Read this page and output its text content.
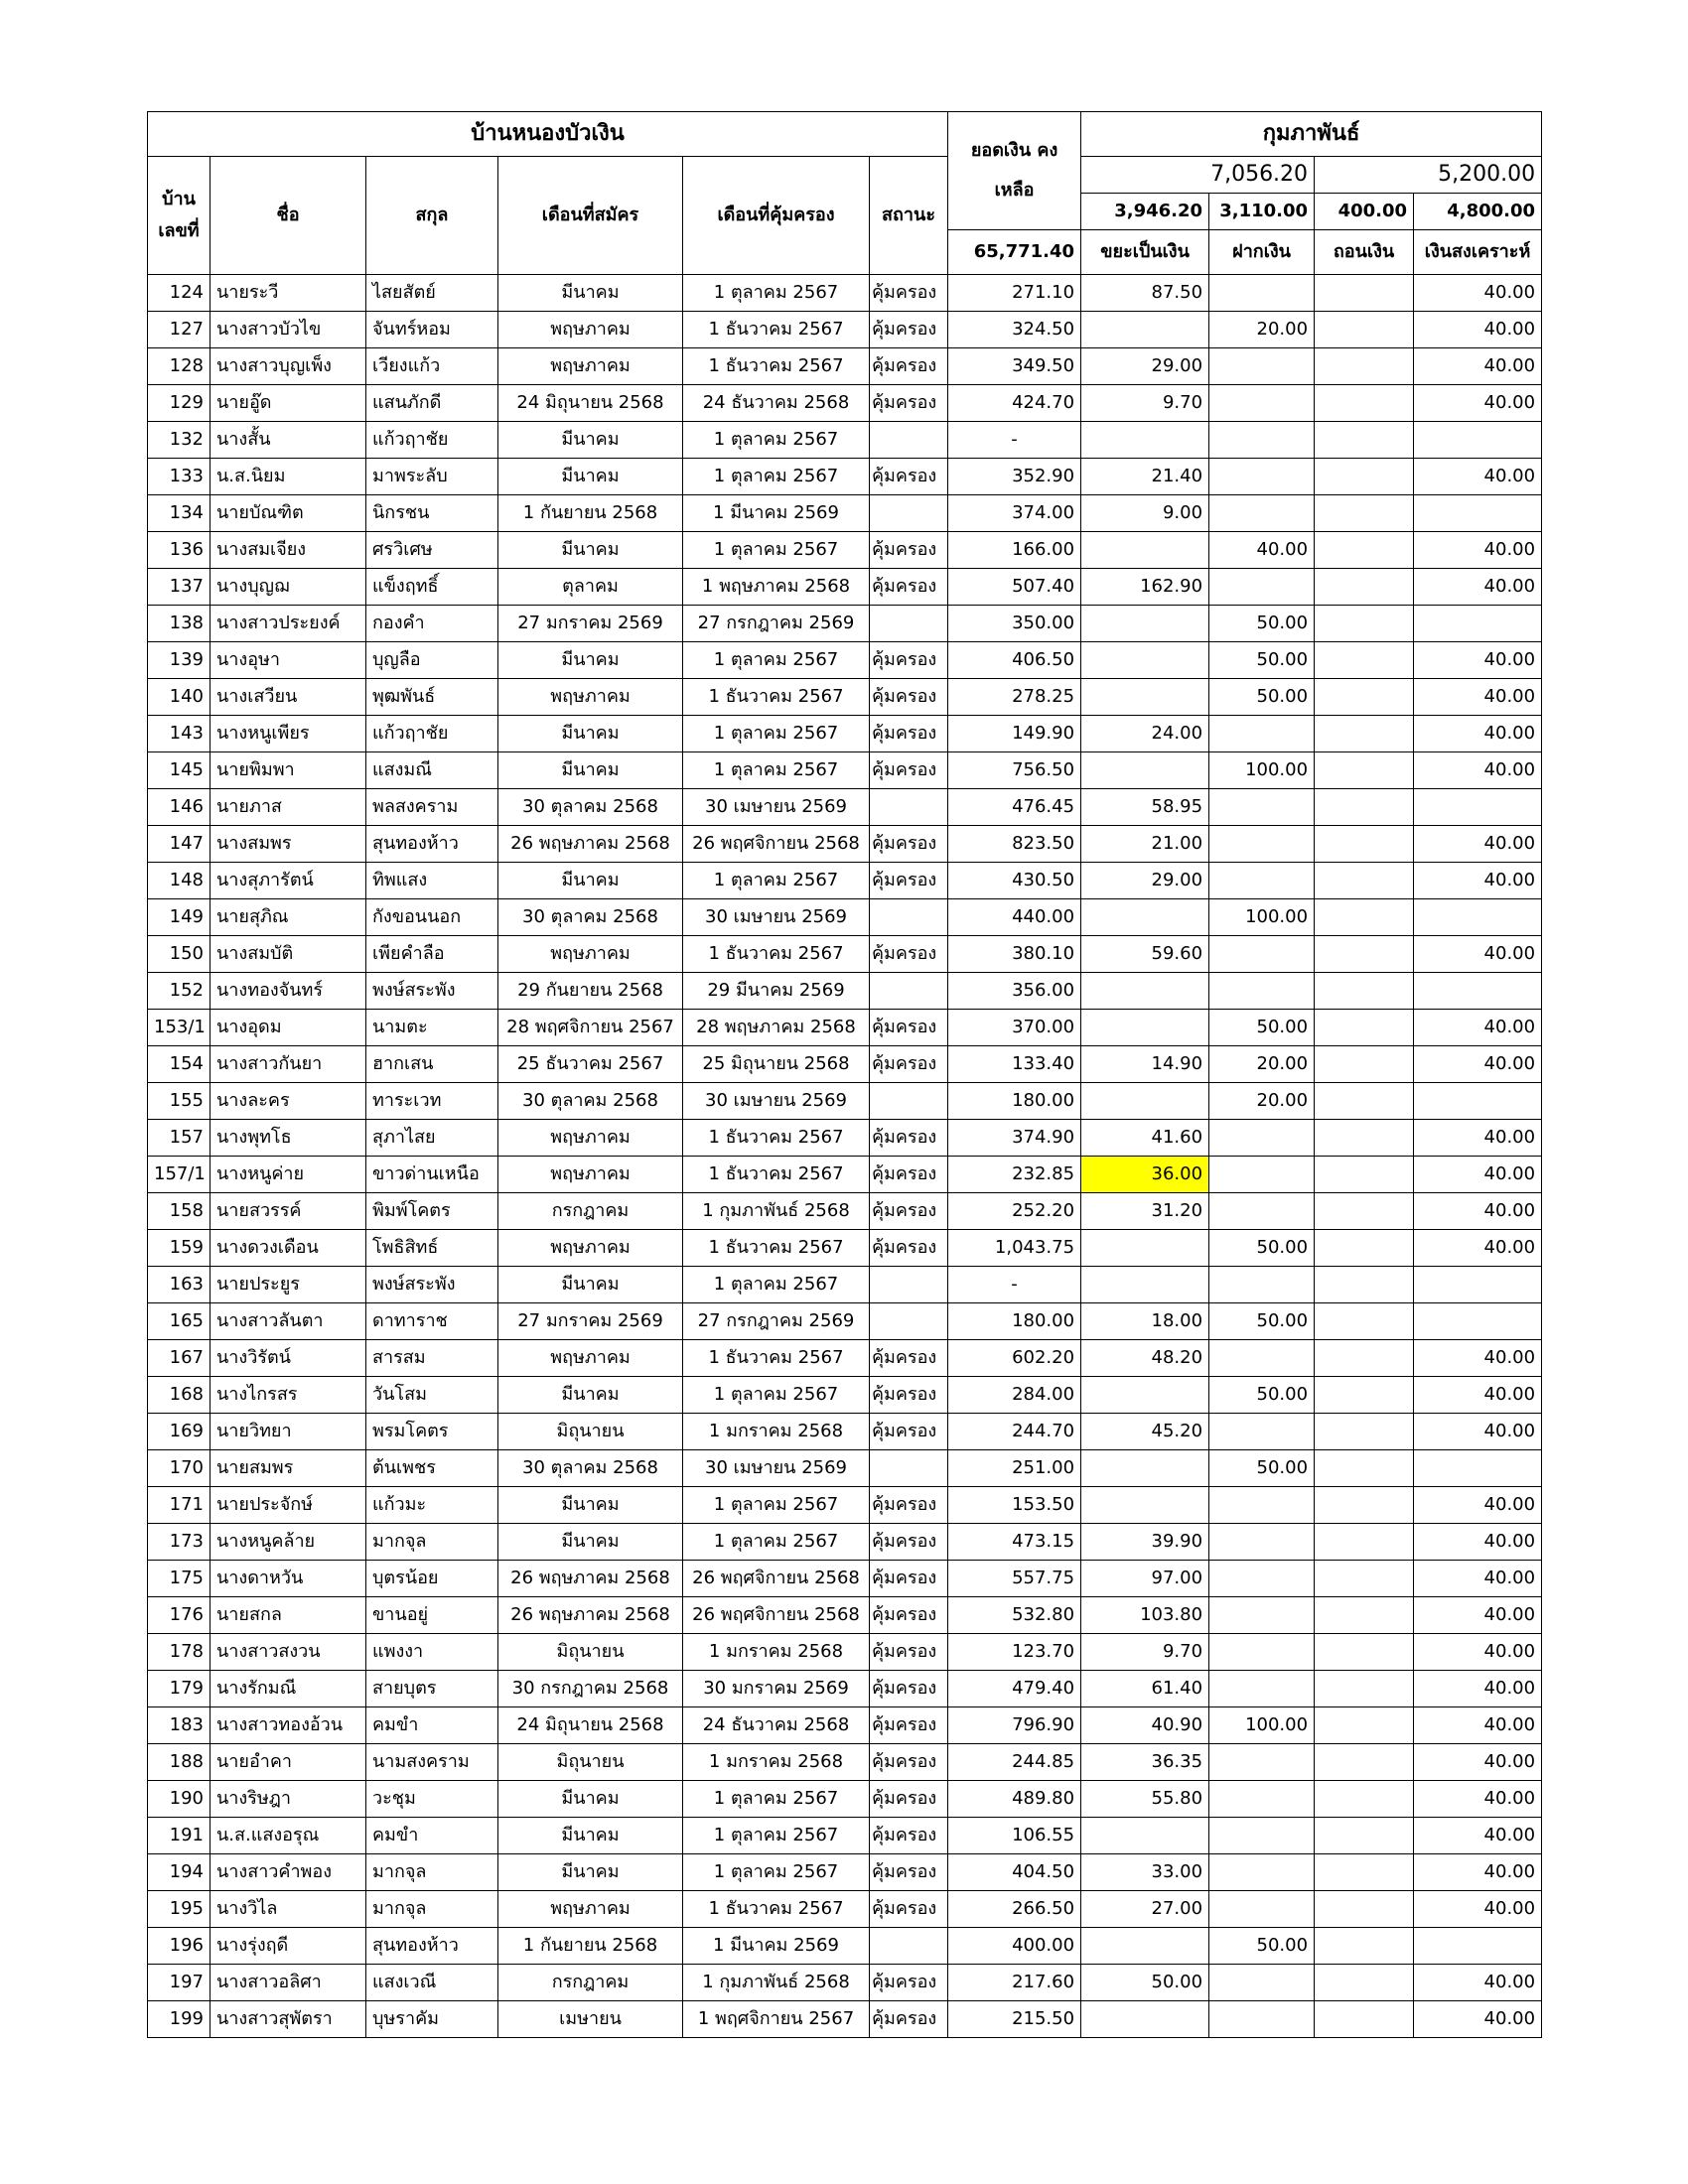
บ้านหนองบัวเงิน						ยอดเงิน คงเหลือ	กุมภาพันธ์			
บ้าน เลขที่	ชื่อ	สกุล	เดือนที่สมัคร	เดือนที่คุ้มครอง	สถานะ		7,056.20		5,200.00	
							3,946.20	3,110.00	400.00	4,800.00
						65,771.40	ขยะเป็นเงิน	ฝากเงิน	ถอนเงิน	เงินสงเคราะห์
124	นายระวี	ไสยสัตย์	มีนาคม	1 ตุลาคม 2567	คุ้มครอง	271.10	87.50			40.00
127	นางสาวบัวไข	จันทร์หอม	พฤษภาคม	1 ธันวาคม 2567	คุ้มครอง	324.50		20.00		40.00
128	นางสาวบุญเพ็ง	เวียงแก้ว	พฤษภาคม	1 ธันวาคม 2567	คุ้มครอง	349.50	29.00			40.00
129	นายอู๊ด	แสนภักดี	24 มิถุนายน 2568	24 ธันวาคม 2568	คุ้มครอง	424.70	9.70			40.00
132	นางสั้น	แก้วฤาชัย	มีนาคม	1 ตุลาคม 2567		-				
133	น.ส.นิยม	มาพระลับ	มีนาคม	1 ตุลาคม 2567	คุ้มครอง	352.90	21.40			40.00
134	นายบัณฑิต	นิกรชน	1 กันยายน 2568	1 มีนาคม 2569		374.00	9.00			
136	นางสมเจียง	ศรวิเศษ	มีนาคม	1 ตุลาคม 2567	คุ้มครอง	166.00		40.00		40.00
137	นางบุญฌ	แข็งฤทธิ์	ตุลาคม	1 พฤษภาคม 2568	คุ้มครอง	507.40	162.90			40.00
138	นางสาวประยงค์	กองคำ	27 มกราคม 2569	27 กรกฎาคม 2569		350.00		50.00		
139	นางอุษา	บุญลือ	มีนาคม	1 ตุลาคม 2567	คุ้มครอง	406.50		50.00		40.00
140	นางเสวียน	พุฒพันธ์	พฤษภาคม	1 ธันวาคม 2567	คุ้มครอง	278.25		50.00		40.00
143	นางหนูเพียร	แก้วฤาชัย	มีนาคม	1 ตุลาคม 2567	คุ้มครอง	149.90	24.00			40.00
145	นายพิมพา	แสงมณี	มีนาคม	1 ตุลาคม 2567	คุ้มครอง	756.50		100.00		40.00
146	นายภาส	พลสงคราม	30 ตุลาคม 2568	30 เมษายน 2569		476.45	58.95			
147	นางสมพร	สุนทองห้าว	26 พฤษภาคม 2568	26 พฤศจิกายน 2568	คุ้มครอง	823.50	21.00			40.00
148	นางสุภารัตน์	ทิพแสง	มีนาคม	1 ตุลาคม 2567	คุ้มครอง	430.50	29.00			40.00
149	นายสุภิณ	กังขอนนอก	30 ตุลาคม 2568	30 เมษายน 2569		440.00		100.00		
150	นางสมบัติ	เพียคำลือ	พฤษภาคม	1 ธันวาคม 2567	คุ้มครอง	380.10	59.60			40.00
152	นางทองจันทร์	พงษ์สระพัง	29 กันยายน 2568	29 มีนาคม 2569		356.00				
153/1	นางอุดม	นามตะ	28 พฤศจิกายน 2567	28 พฤษภาคม 2568	คุ้มครอง	370.00		50.00		40.00
154	นางสาวกันยา	ฮากเสน	25 ธันวาคม 2567	25 มิถุนายน 2568	คุ้มครอง	133.40	14.90	20.00		40.00
155	นางละคร	ทาระเวท	30 ตุลาคม 2568	30 เมษายน 2569		180.00		20.00		
157	นางพุทโธ	สุภาไสย	พฤษภาคม	1 ธันวาคม 2567	คุ้มครอง	374.90	41.60			40.00
157/1	นางหนูค่าย	ขาวด่านเหนือ	พฤษภาคม	1 ธันวาคม 2567	คุ้มครอง	232.85	36.00			40.00
158	นายสวรรค์	พิมพ์โคตร	กรกฎาคม	1 กุมภาพันธ์ 2568	คุ้มครอง	252.20	31.20			40.00
159	นางดวงเดือน	โพธิสิทธ์	พฤษภาคม	1 ธันวาคม 2567	คุ้มครอง	1,043.75		50.00		40.00
163	นายประยูร	พงษ์สระพัง	มีนาคม	1 ตุลาคม 2567		-				
165	นางสาวลันตา	ดาทาราช	27 มกราคม 2569	27 กรกฎาคม 2569		180.00	18.00	50.00		
167	นางวิรัตน์	สารสม	พฤษภาคม	1 ธันวาคม 2567	คุ้มครอง	602.20	48.20			40.00
168	นางไกรสร	วันโสม	มีนาคม	1 ตุลาคม 2567	คุ้มครอง	284.00		50.00		40.00
169	นายวิทยา	พรมโคตร	มิถุนายน	1 มกราคม 2568	คุ้มครอง	244.70	45.20			40.00
170	นายสมพร	ต้นเพชร	30 ตุลาคม 2568	30 เมษายน 2569		251.00		50.00		
171	นายประจักษ์	แก้วมะ	มีนาคม	1 ตุลาคม 2567	คุ้มครอง	153.50				40.00
173	นางหนูคล้าย	มากจุล	มีนาคม	1 ตุลาคม 2567	คุ้มครอง	473.15	39.90			40.00
175	นางดาหวัน	บุตรน้อย	26 พฤษภาคม 2568	26 พฤศจิกายน 2568	คุ้มครอง	557.75	97.00			40.00
176	นายสกล	ขานอยู่	26 พฤษภาคม 2568	26 พฤศจิกายน 2568	คุ้มครอง	532.80	103.80			40.00
178	นางสาวสงวน	แพงงา	มิถุนายน	1 มกราคม 2568	คุ้มครอง	123.70	9.70			40.00
179	นางรักมณี	สายบุตร	30 กรกฎาคม 2568	30 มกราคม 2569	คุ้มครอง	479.40	61.40			40.00
183	นางสาวทองอ้วน	คมขำ	24 มิถุนายน 2568	24 ธันวาคม 2568	คุ้มครอง	796.90	40.90	100.00		40.00
188	นายอำคา	นามสงคราม	มิถุนายน	1 มกราคม 2568	คุ้มครอง	244.85	36.35			40.00
190	นางริษฎา	วะชุม	มีนาคม	1 ตุลาคม 2567	คุ้มครอง	489.80	55.80			40.00
191	น.ส.แสงอรุณ	คมขำ	มีนาคม	1 ตุลาคม 2567	คุ้มครอง	106.55				40.00
194	นางสาวคำพอง	มากจุล	มีนาคม	1 ตุลาคม 2567	คุ้มครอง	404.50	33.00			40.00
195	นางวิไล	มากจุล	พฤษภาคม	1 ธันวาคม 2567	คุ้มครอง	266.50	27.00			40.00
196	นางรุ่งฤดี	สุนทองห้าว	1 กันยายน 2568	1 มีนาคม 2569		400.00		50.00		
197	นางสาวอลิศา	แสงเวณี	กรกฎาคม	1 กุมภาพันธ์ 2568	คุ้มครอง	217.60	50.00			40.00
199	นางสาวสุพัตรา	บุษราคัม	เมษายน	1 พฤศจิกายน 2567	คุ้มครอง	215.50				40.00
